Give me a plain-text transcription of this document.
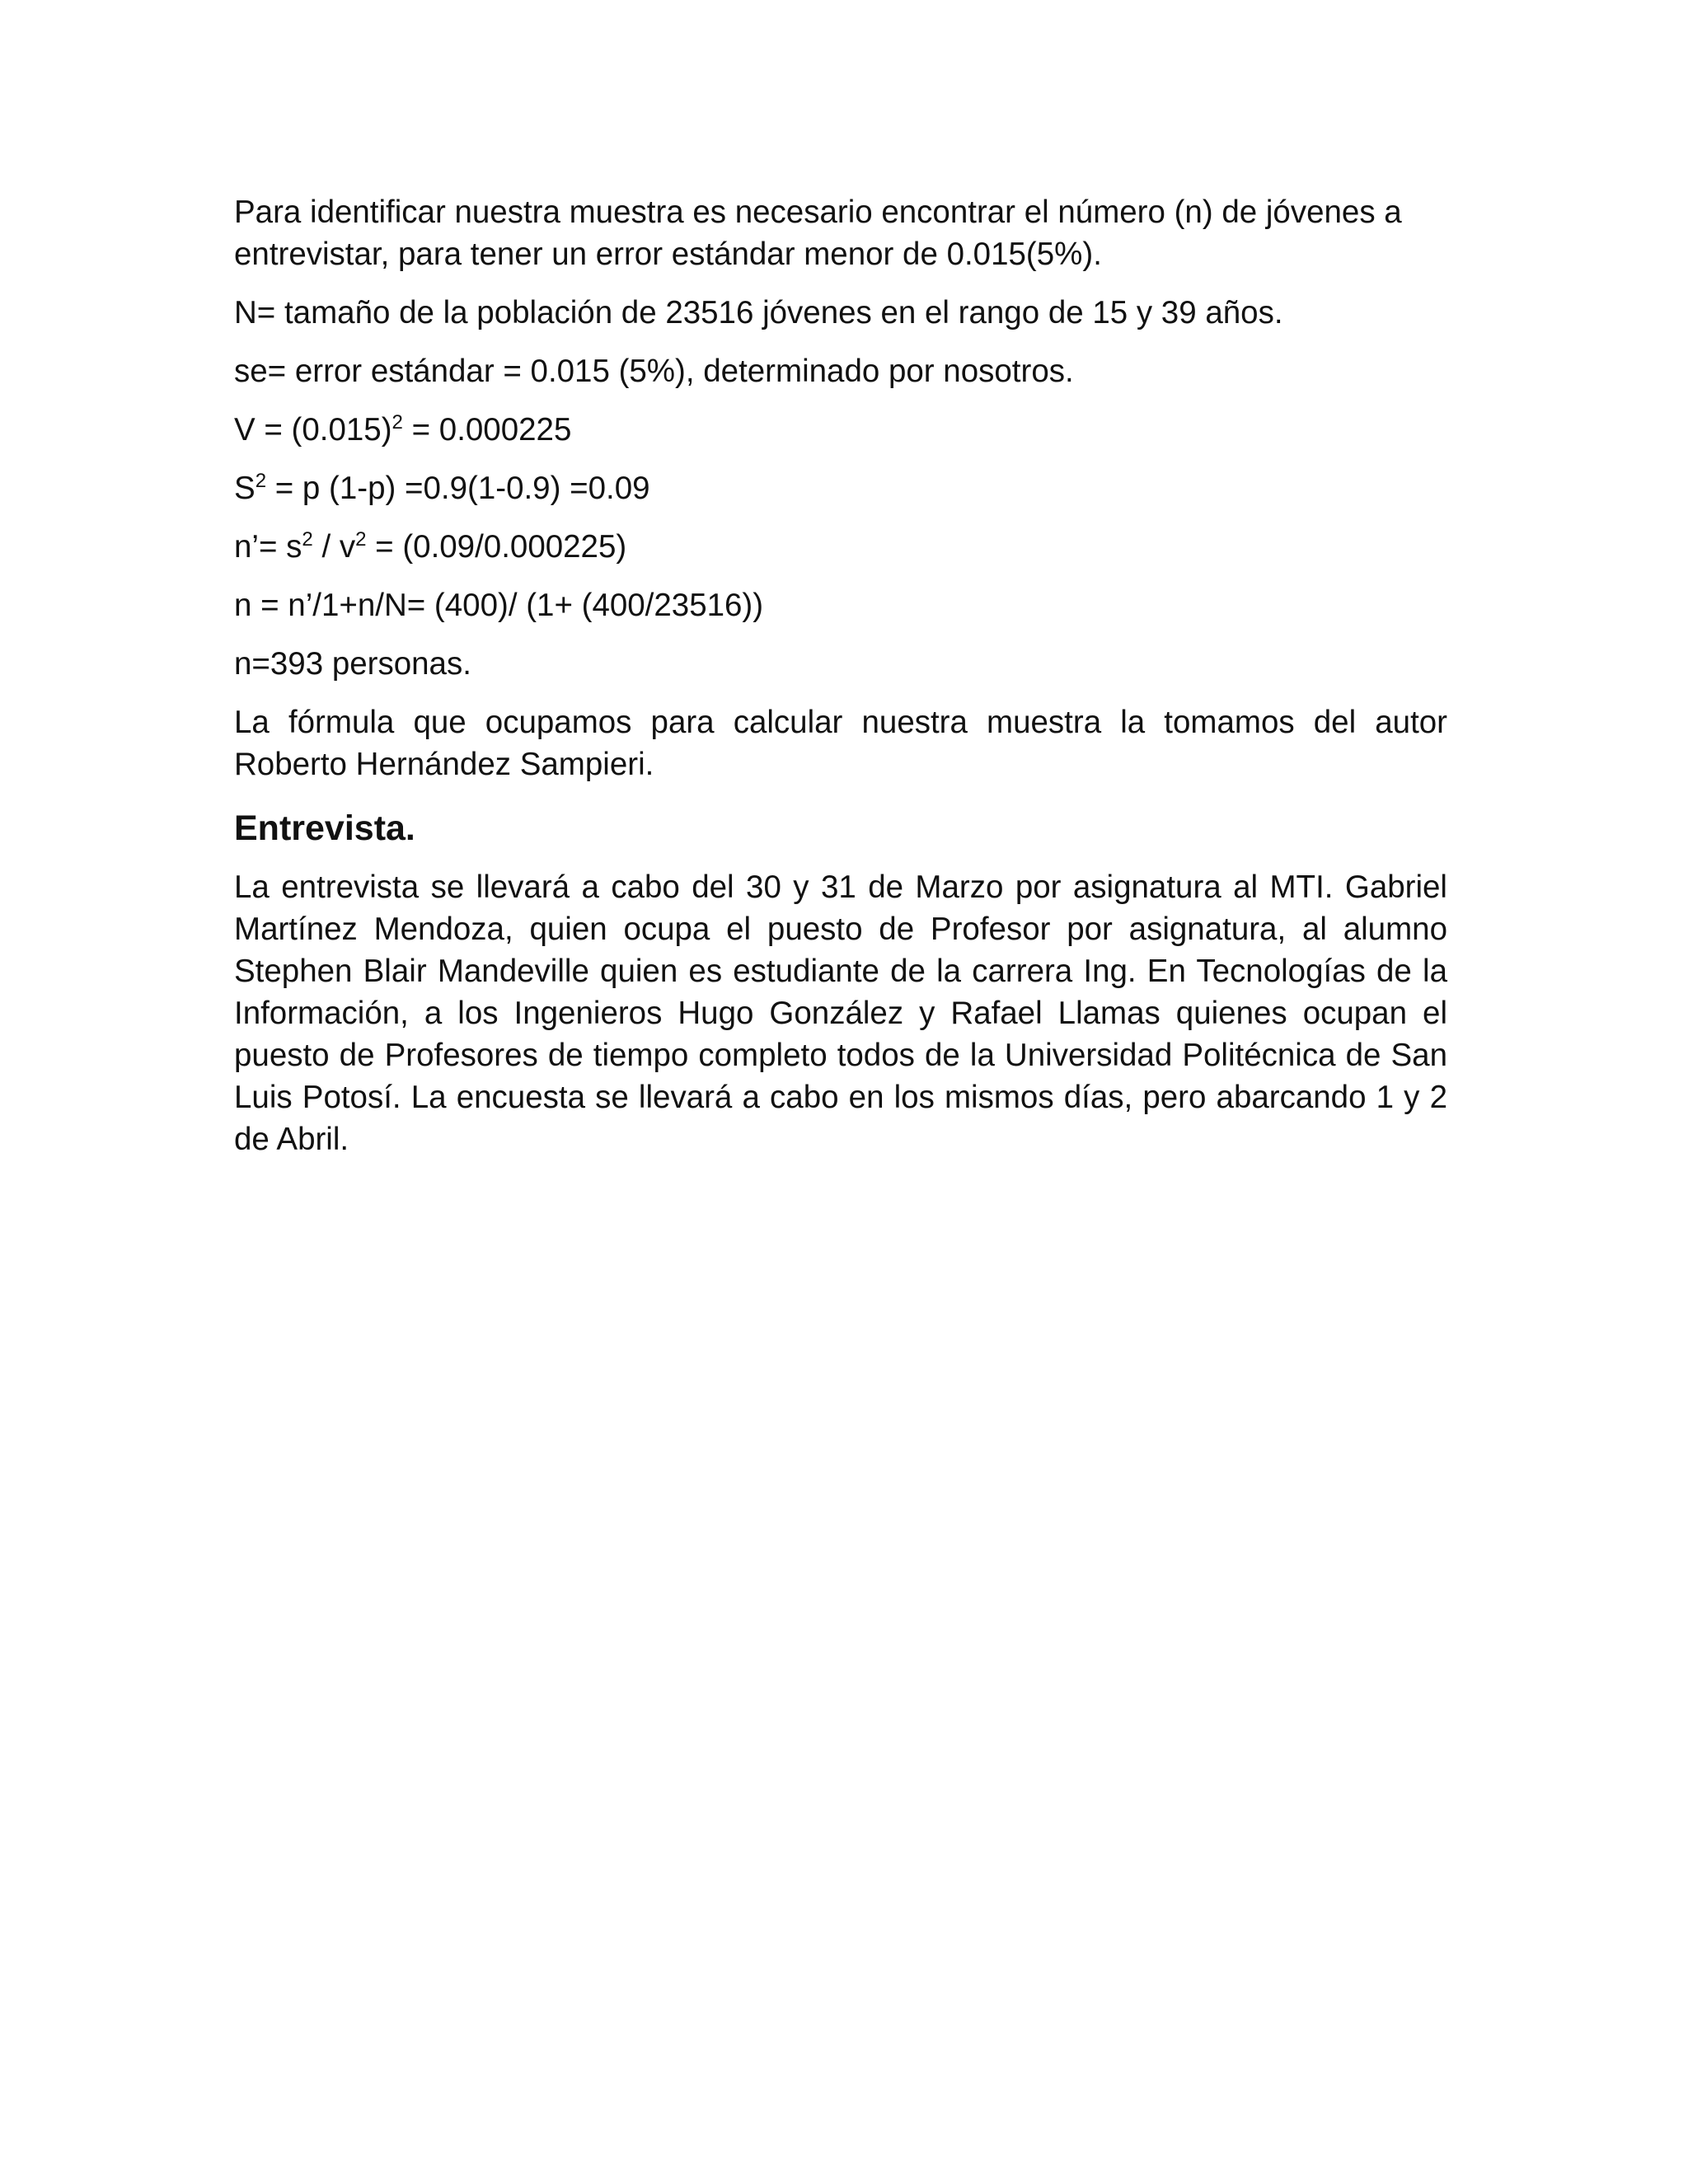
Para identificar nuestra muestra es necesario encontrar el número (n) de jóvenes a entrevistar, para tener un error estándar menor de 0.015(5%).

N= tamaño de la población de 23516 jóvenes en el rango de 15 y 39 años.

se= error estándar = 0.015 (5%), determinado por nosotros.

$V = (0.015)^2 = 0.000225$

$S^2 = p$ (1-p) =0.9(1-0.9) =0.09

n’= $s^2 / v^2 = (0.09/0.000225)$

n = n’/1+n/N= (400)/ (1+ (400/23516))

n=393 personas.

La fórmula que ocupamos para calcular nuestra muestra la tomamos del autor Roberto Hernández Sampieri.

Entrevista.

La entrevista se llevará a cabo del 30 y 31 de Marzo por asignatura al MTI. Gabriel Martínez Mendoza, quien ocupa el puesto de Profesor por asignatura, al alumno Stephen Blair Mandeville quien es estudiante de la carrera Ing. En Tecnologías de la Información, a los Ingenieros Hugo González y Rafael Llamas quienes ocupan el puesto de Profesores de tiempo completo todos de la Universidad Politécnica de San Luis Potosí. La encuesta se llevará a cabo en los mismos días, pero abarcando 1 y 2 de Abril.
